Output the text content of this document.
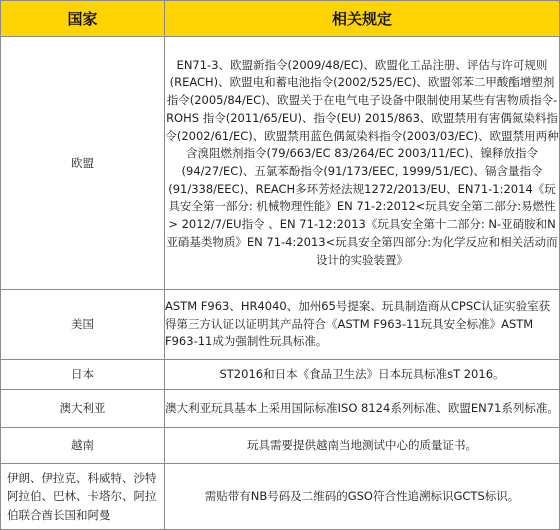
国家	相关规定
欧盟	EN71-3、欧盟新指令(2009/48/EC)、欧盟化工品注册、评估与许可规则(REACH)、欧盟电和蓄电池指令(2002/525/EC)、欧盟邻苯二甲酸酯增塑剂指令(2005/84/EC)、欧盟关于在电气电子设备中限制使用某些有害物质指令- ROHS 指令(2011/65/EU)、指令(EU) 2015/863、欧盟禁用有害偶氮染料指令(2002/61/EC)、欧盟禁用蓝色偶氮染料指令(2003/03/EC)、欧盟禁用两种含溴阻燃剂指令(79/663/EC 83/264/EC 2003/11/EC)、镍释放指令(94/27/EC)、五氯苯酚指令(91/173/EEC, 1999/51/EC)、镉含量指令(91/338/EEC)、REACH多环芳烃法规1272/2013/EU、EN71-1:2014《玩具安全第一部分: 机械物理性能》EN 71-2:2012<玩具安全第二部分:易燃性> 2012/7/EU指令 、EN 71-12:2013《玩具安全第十二部分: N-亚硝胺和N亚硝基类物质》EN 71-4:2013<玩具安全第四部分:为化学反应和相关活动而设计的实验装置》
美国	ASTM F963、HR4040、加州65号提案、玩具制造商从CPSC认证实验室获得第三方认证以证明其产品符合《ASTM F963-11玩具安全标准》ASTM F963-11成为强制性玩具标准。
日本	ST2016和日本《食品卫生法》日本玩具标准sT 2016。
澳大利亚	澳大利亚玩具基本上采用国际标准ISO 8124系列标准、欧盟EN71系列标准。
越南	玩具需要提供越南当地测试中心的质量证书。
伊朗、伊拉克、科威特、沙特阿拉伯、巴林、卡塔尔、阿拉伯联合酋长国和阿曼	需贴带有NB号码及二维码的GSO符合性追溯标识GCTS标识。
